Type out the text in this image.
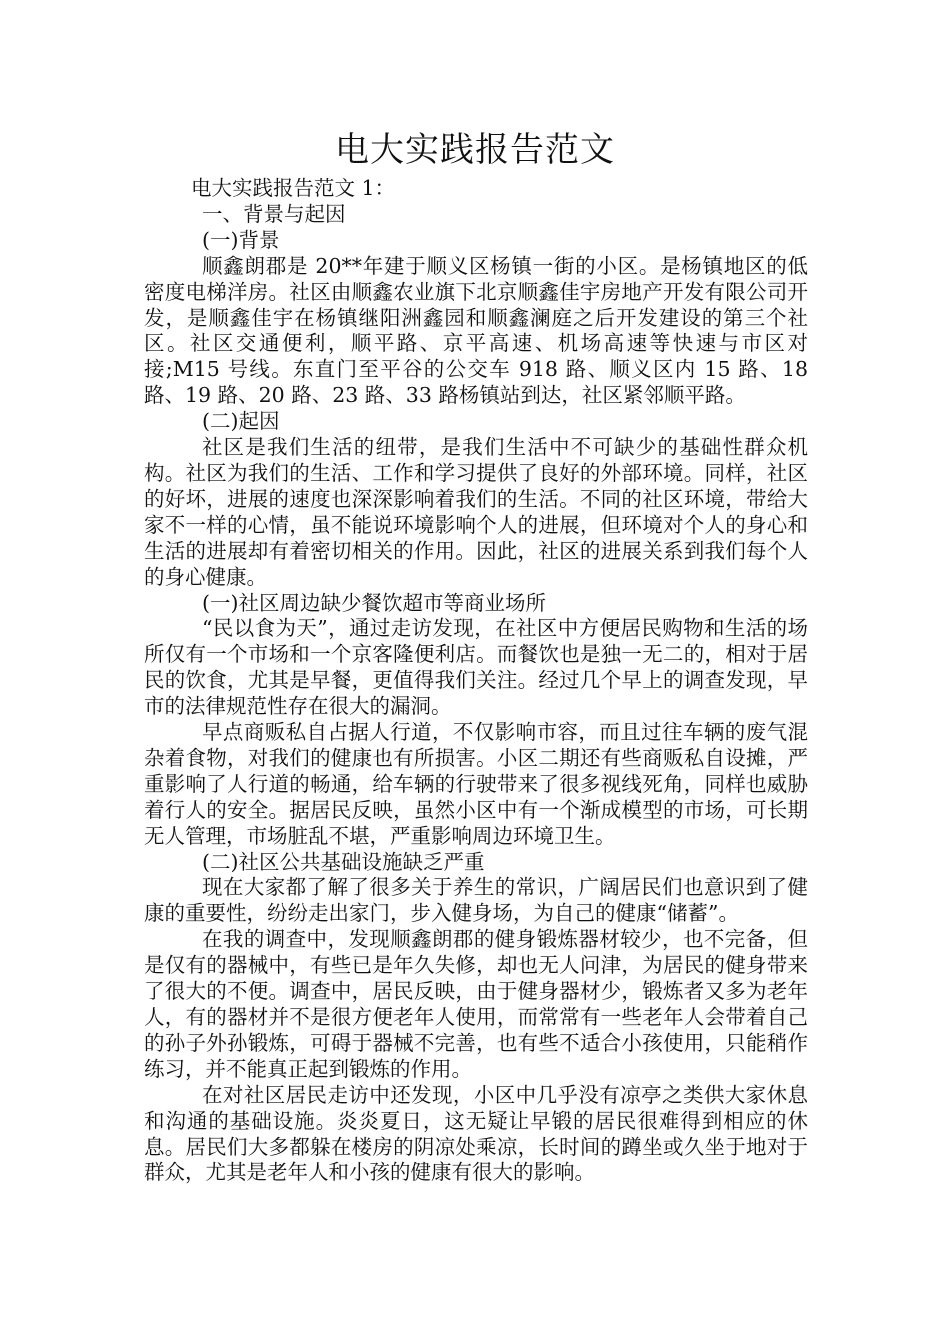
电大实践报告范文

电大实践报告范文 1：

一、背景与起因

(一)背景

顺鑫朗郡是 20**年建于顺义区杨镇一街的小区。是杨镇地区的低密度电梯洋房。社区由顺鑫农业旗下北京顺鑫佳宇房地产开发有限公司开发，是顺鑫佳宇在杨镇继阳洲鑫园和顺鑫澜庭之后开发建设的第三个社区。社区交通便利，顺平路、京平高速、机场高速等快速与市区对接;M15 号线。东直门至平谷的公交车 918 路、顺义区内 15 路、18 路、19 路、20 路、23 路、33 路杨镇站到达，社区紧邻顺平路。

(二)起因

社区是我们生活的纽带，是我们生活中不可缺少的基础性群众机构。社区为我们的生活、工作和学习提供了良好的外部环境。同样，社区的好坏，进展的速度也深深影响着我们的生活。不同的社区环境，带给大家不一样的心情，虽不能说环境影响个人的进展，但环境对个人的身心和生活的进展却有着密切相关的作用。因此，社区的进展关系到我们每个人的身心健康。

(一)社区周边缺少餐饮超市等商业场所

“民以食为天”，通过走访发现，在社区中方便居民购物和生活的场所仅有一个市场和一个京客隆便利店。而餐饮也是独一无二的，相对于居民的饮食，尤其是早餐，更值得我们关注。经过几个早上的调查发现，早市的法律规范性存在很大的漏洞。

早点商贩私自占据人行道，不仅影响市容，而且过往车辆的废气混杂着食物，对我们的健康也有所损害。小区二期还有些商贩私自设摊，严重影响了人行道的畅通，给车辆的行驶带来了很多视线死角，同样也威胁着行人的安全。据居民反映，虽然小区中有一个渐成模型的市场，可长期无人管理，市场脏乱不堪，严重影响周边环境卫生。

(二)社区公共基础设施缺乏严重

现在大家都了解了很多关于养生的常识，广阔居民们也意识到了健康的重要性，纷纷走出家门，步入健身场，为自己的健康“储蓄”。

在我的调查中，发现顺鑫朗郡的健身锻炼器材较少，也不完备，但是仅有的器械中，有些已是年久失修，却也无人问津，为居民的健身带来了很大的不便。调查中，居民反映，由于健身器材少，锻炼者又多为老年人，有的器材并不是很方便老年人使用，而常常有一些老年人会带着自己的孙子外孙锻炼，可碍于器械不完善，也有些不适合小孩使用，只能稍作练习，并不能真正起到锻炼的作用。

在对社区居民走访中还发现，小区中几乎没有凉亭之类供大家休息和沟通的基础设施。炎炎夏日，这无疑让早锻的居民很难得到相应的休息。居民们大多都躲在楼房的阴凉处乘凉，长时间的蹲坐或久坐于地对于群众，尤其是老年人和小孩的健康有很大的影响。
